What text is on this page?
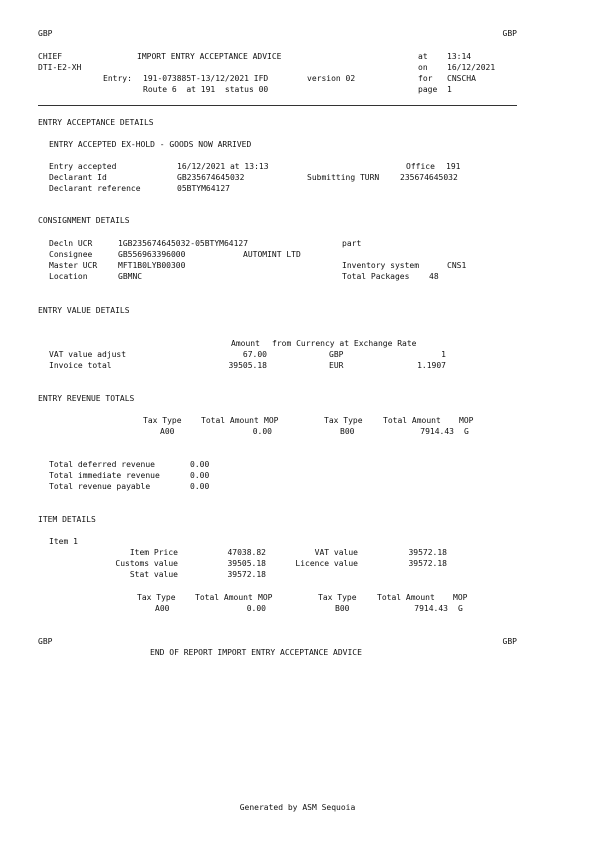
GBP	GBP
CHIEF	IMPORT ENTRY ACCEPTANCE ADVICE	at 13:14
DTI-E2-XH	on 16/12/2021
Entry: 191-073885T-13/12/2021 IFD	version 02	for CNSCHA
Route 6  at 191  status 00	page 1
ENTRY ACCEPTANCE DETAILS
ENTRY ACCEPTED EX-HOLD - GOODS NOW ARRIVED
Entry accepted	16/12/2021 at 13:13	Office 191
Declarant Id	GB235674645032	Submitting TURN	235674645032
Declarant reference	05BTYM64127
CONSIGNMENT DETAILS
Decln UCR	1GB235674645032-05BTYM64127	part
Consignee	GB556963396000	AUTOMINT LTD
Master UCR	MFT1B0LYB00300	Inventory system	CNS1
Location	GBMNC	Total Packages 48
ENTRY VALUE DETAILS
Amount from Currency at Exchange Rate
VAT value adjust	67.00	GBP	1
Invoice total	39505.18	EUR	1.1907
ENTRY REVENUE TOTALS
Tax Type Total Amount MOP	Tax Type	Total Amount MOP
A00	0.00	B00	7914.43 G
Total deferred revenue	0.00
Total immediate revenue	0.00
Total revenue payable	0.00
ITEM DETAILS
Item 1
Item Price	47038.82	VAT value	39572.18
Customs value	39505.18	Licence value	39572.18
Stat value	39572.18
Tax Type Total Amount MOP	Tax Type	Total Amount MOP
A00	0.00	B00	7914.43 G
GBP	GBP
END OF REPORT IMPORT ENTRY ACCEPTANCE ADVICE
Generated by ASM Sequoia
